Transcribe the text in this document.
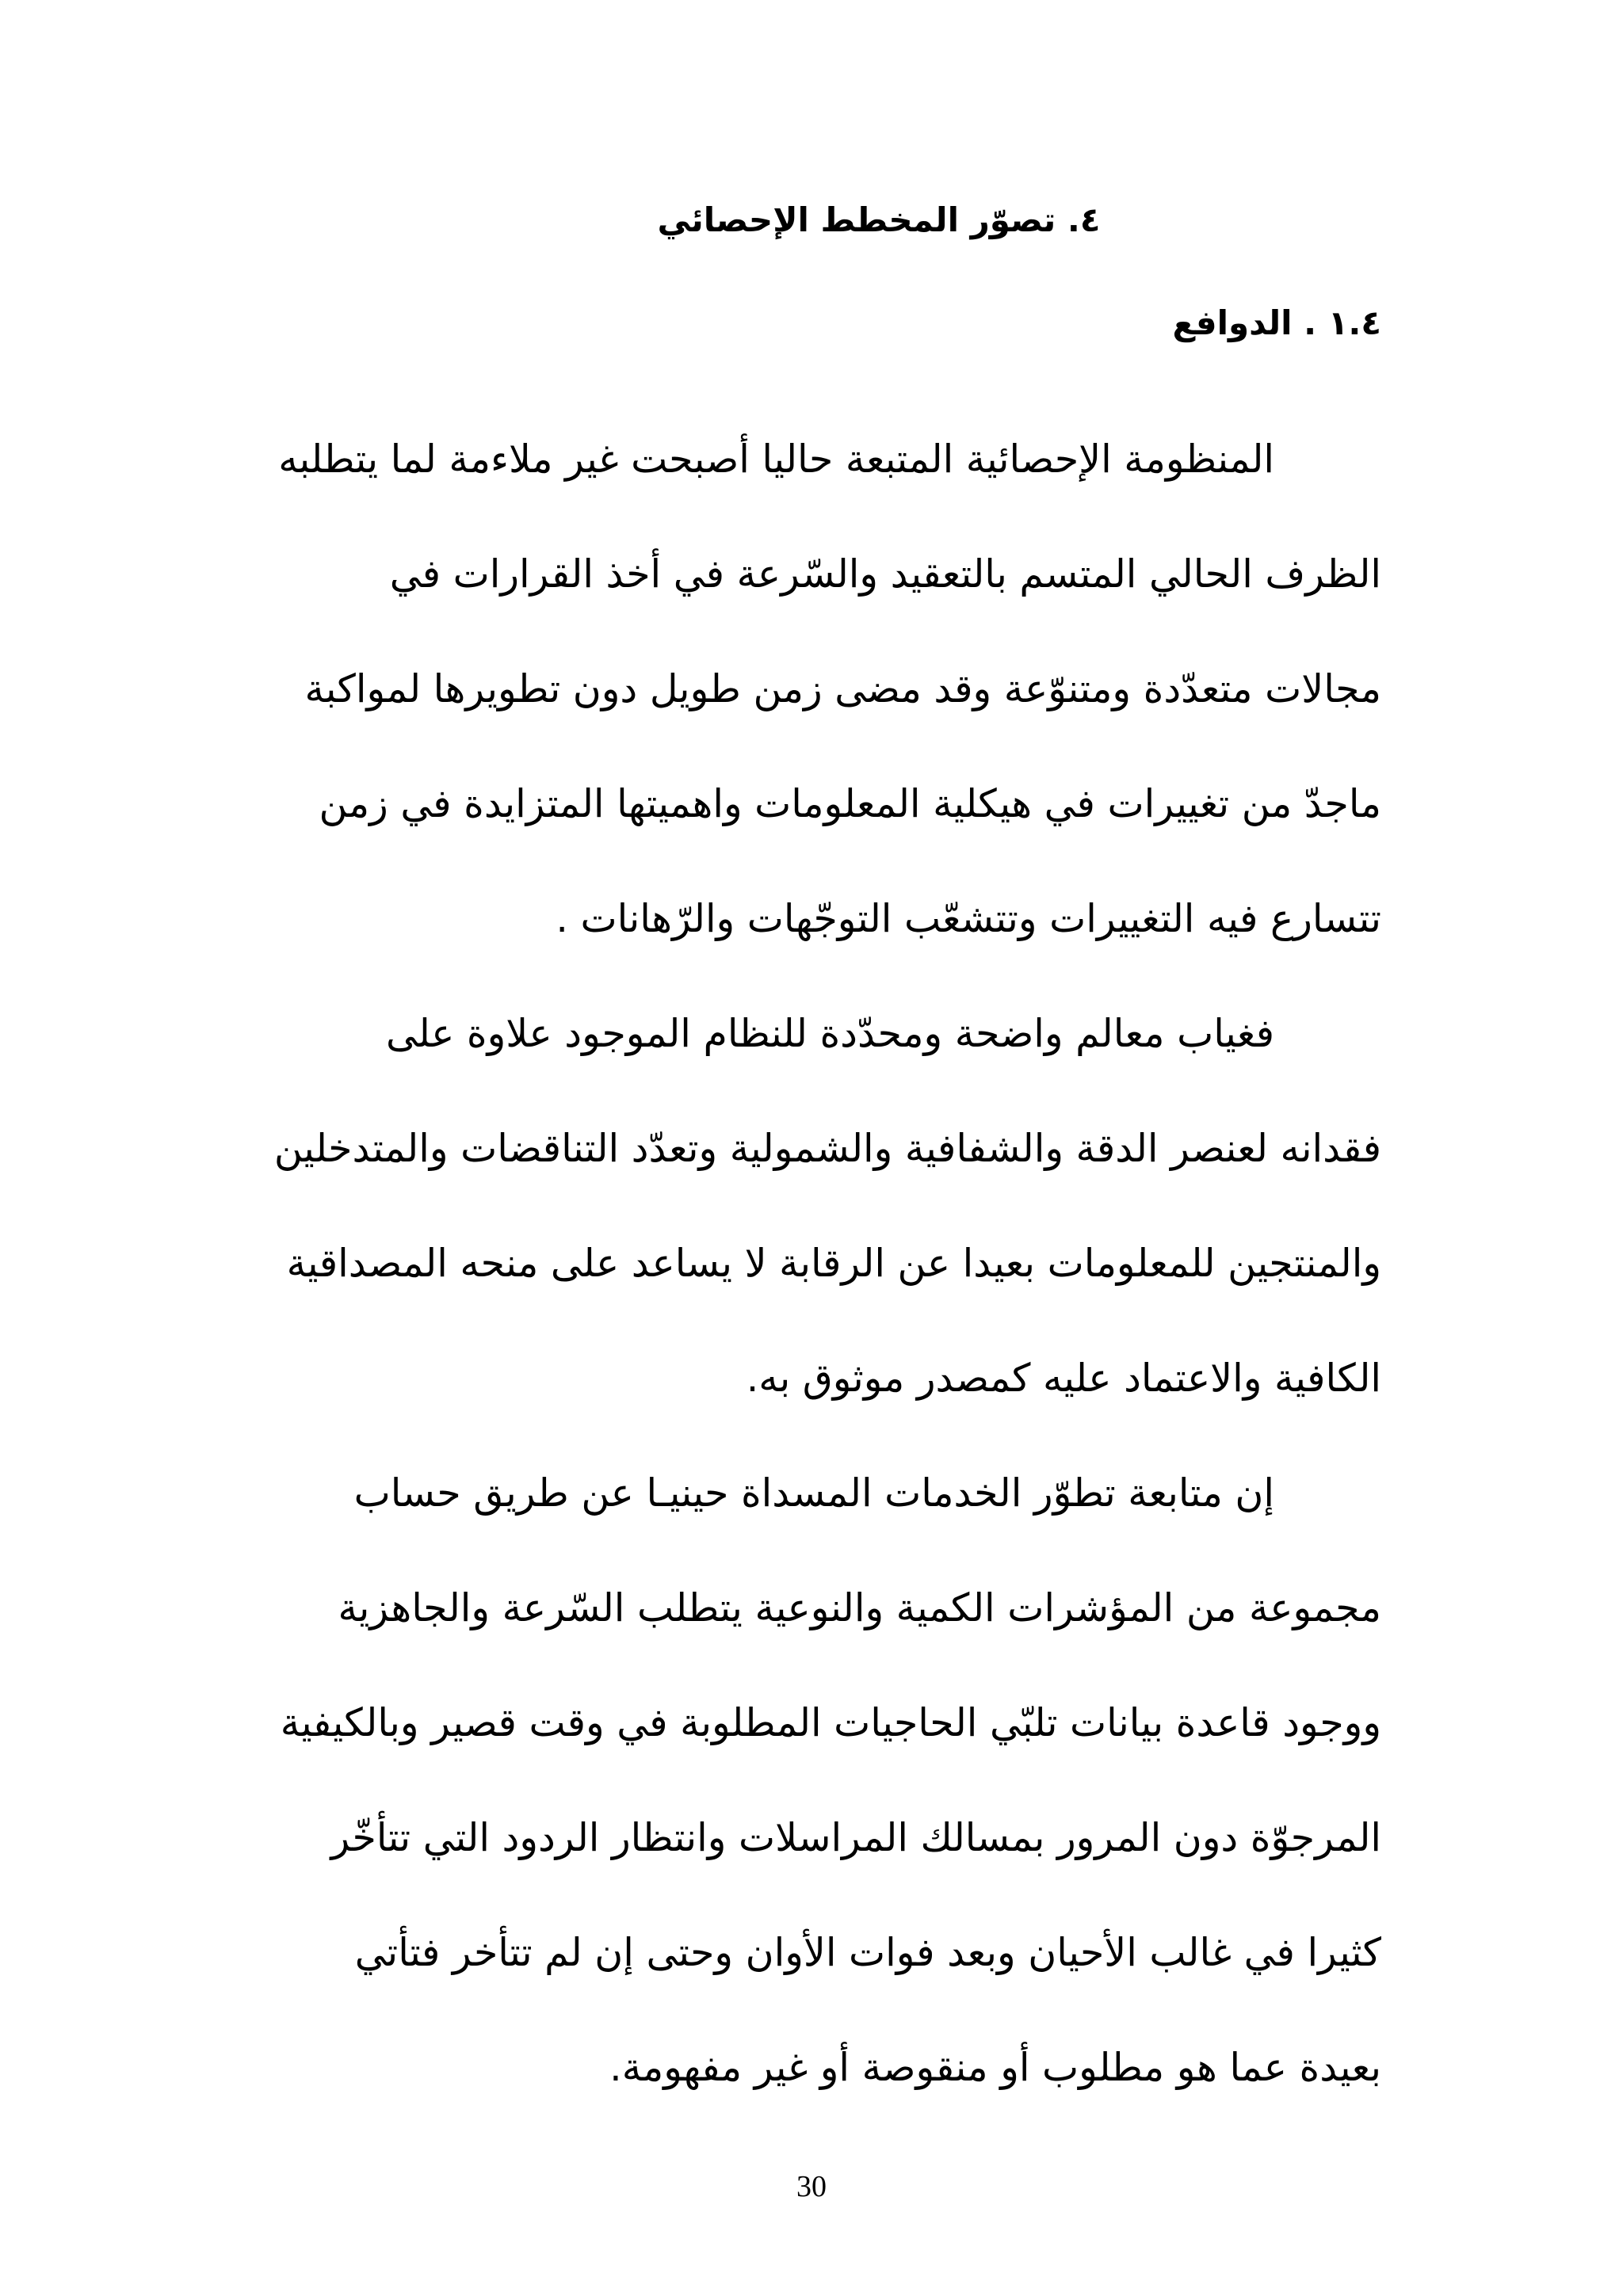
٤. تصوّر المخطط الإحصائي
١.٤ . الدوافع
المنظومة الإحصائية المتبعة حاليا أصبحت غير ملاءمة لما يتطلبه
الظرف الحالي المتسم بالتعقيد والسّرعة في أخذ القرارات في
مجالات متعدّدة ومتنوّعة وقد مضى زمن طويل دون تطويرها لمواكبة
ماجدّ من تغييرات في هيكلية المعلومات واهميتها المتزايدة في زمن
تتسارع فيه التغييرات وتتشعّب التوجّهات والرّهانات .
فغياب معالم واضحة ومحدّدة للنظام الموجود علاوة على
فقدانه لعنصر الدقة والشفافية والشمولية وتعدّد التناقضات والمتدخلين
والمنتجين للمعلومات بعيدا عن الرقابة لا يساعد على منحه المصداقية
الكافية والاعتماد عليه كمصدر موثوق به.
إن متابعة تطوّر الخدمات المسداة حينيـا عن طريق حساب
مجموعة من المؤشرات الكمية والنوعية يتطلب السّرعة والجاهزية
ووجود قاعدة بيانات تلبّي الحاجيات المطلوبة في وقت قصير وبالكيفية
المرجوّة دون المرور بمسالك المراسلات وانتظار الردود التي تتأخّر
كثيرا في غالب الأحيان وبعد فوات الأوان وحتى إن لم تتأخر فتأتي
بعيدة عما هو مطلوب أو منقوصة أو غير مفهومة.
30
